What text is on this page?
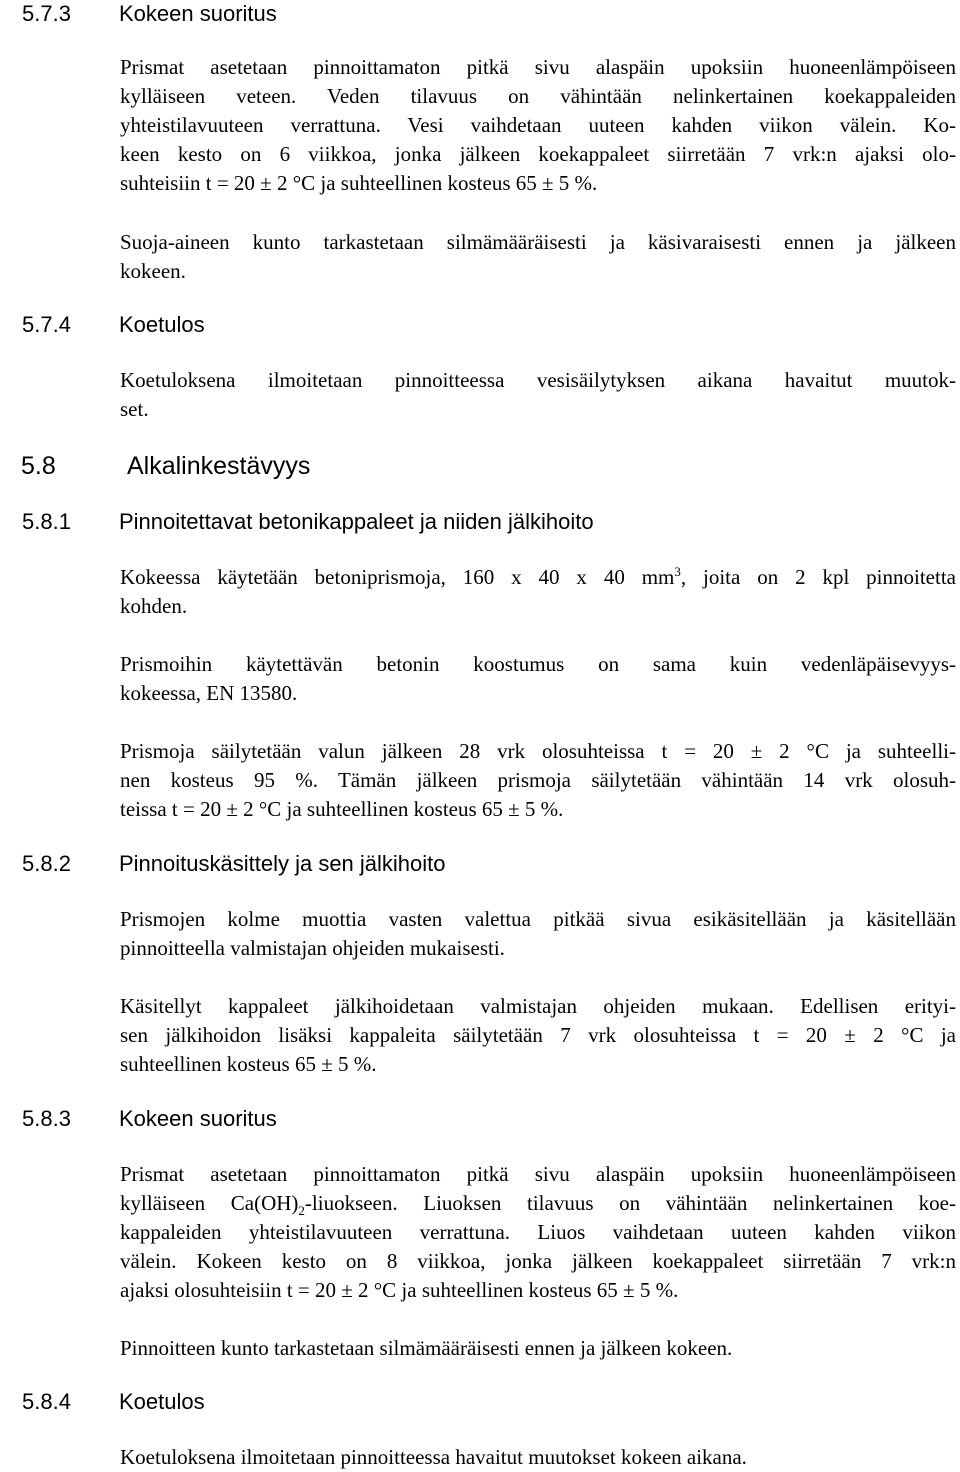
5.7.3 Kokeen suoritus
Prismat asetetaan pinnoittamaton pitkä sivu alaspäin upoksiin huoneenlämpöiseen
kylläiseen veteen. Veden tilavuus on vähintään nelinkertainen koekappaleiden
yhteistilavuuteen verrattuna. Vesi vaihdetaan uuteen kahden viikon välein. Ko-
keen kesto on 6 viikkoa, jonka jälkeen koekappaleet siirretään 7 vrk:n ajaksi olo-
suhteisiin t = 20 ± 2 °C ja suhteellinen kosteus 65 ± 5 %.
Suoja-aineen kunto tarkastetaan silmämääräisesti ja käsivaraisesti ennen ja jälkeen
kokeen.
5.7.4 Koetulos
Koetuloksena ilmoitetaan pinnoitteessa vesisäilytyksen aikana havaitut muutok-
set.
5.8	Alkalinkestävyys
5.8.1 Pinnoitettavat betonikappaleet ja niiden jälkihoito
Kokeessa käytetään betoniprismoja, 160 x 40 x 40 $mm^3$, joita on 2 kpl pinnoitetta
kohden.
Prismoihin käytettävän betonin koostumus on sama kuin vedenläpäisevyys-
kokeessa, EN 13580.
Prismoja säilytetään valun jälkeen 28 vrk olosuhteissa t = 20 ± 2 °C ja suhteelli-
nen kosteus 95 %. Tämän jälkeen prismoja säilytetään vähintään 14 vrk olosuh-
teissa t = 20 ± 2 °C ja suhteellinen kosteus 65 ± 5 %.
5.8.2 Pinnoituskäsittely ja sen jälkihoito
Prismojen kolme muottia vasten valettua pitkää sivua esikäsitellään ja käsitellään
pinnoitteella valmistajan ohjeiden mukaisesti.
Käsitellyt kappaleet jälkihoidetaan valmistajan ohjeiden mukaan. Edellisen erityi-
sen jälkihoidon lisäksi kappaleita säilytetään 7 vrk olosuhteissa t = 20 ± 2 °C ja
suhteellinen kosteus 65 ± 5 %.
5.8.3 Kokeen suoritus
Prismat asetetaan pinnoittamaton pitkä sivu alaspäin upoksiin huoneenlämpöiseen
kylläiseen $Ca(OH)_2$-liuokseen. Liuoksen tilavuus on vähintään nelinkertainen koe-
kappaleiden yhteistilavuuteen verrattuna. Liuos vaihdetaan uuteen kahden viikon
välein. Kokeen kesto on 8 viikkoa, jonka jälkeen koekappaleet siirretään 7 vrk:n
ajaksi olosuhteisiin t = 20 ± 2 °C ja suhteellinen kosteus 65 ± 5 %.
Pinnoitteen kunto tarkastetaan silmämääräisesti ennen ja jälkeen kokeen.
5.8.4 Koetulos
Koetuloksena ilmoitetaan pinnoitteessa havaitut muutokset kokeen aikana.
